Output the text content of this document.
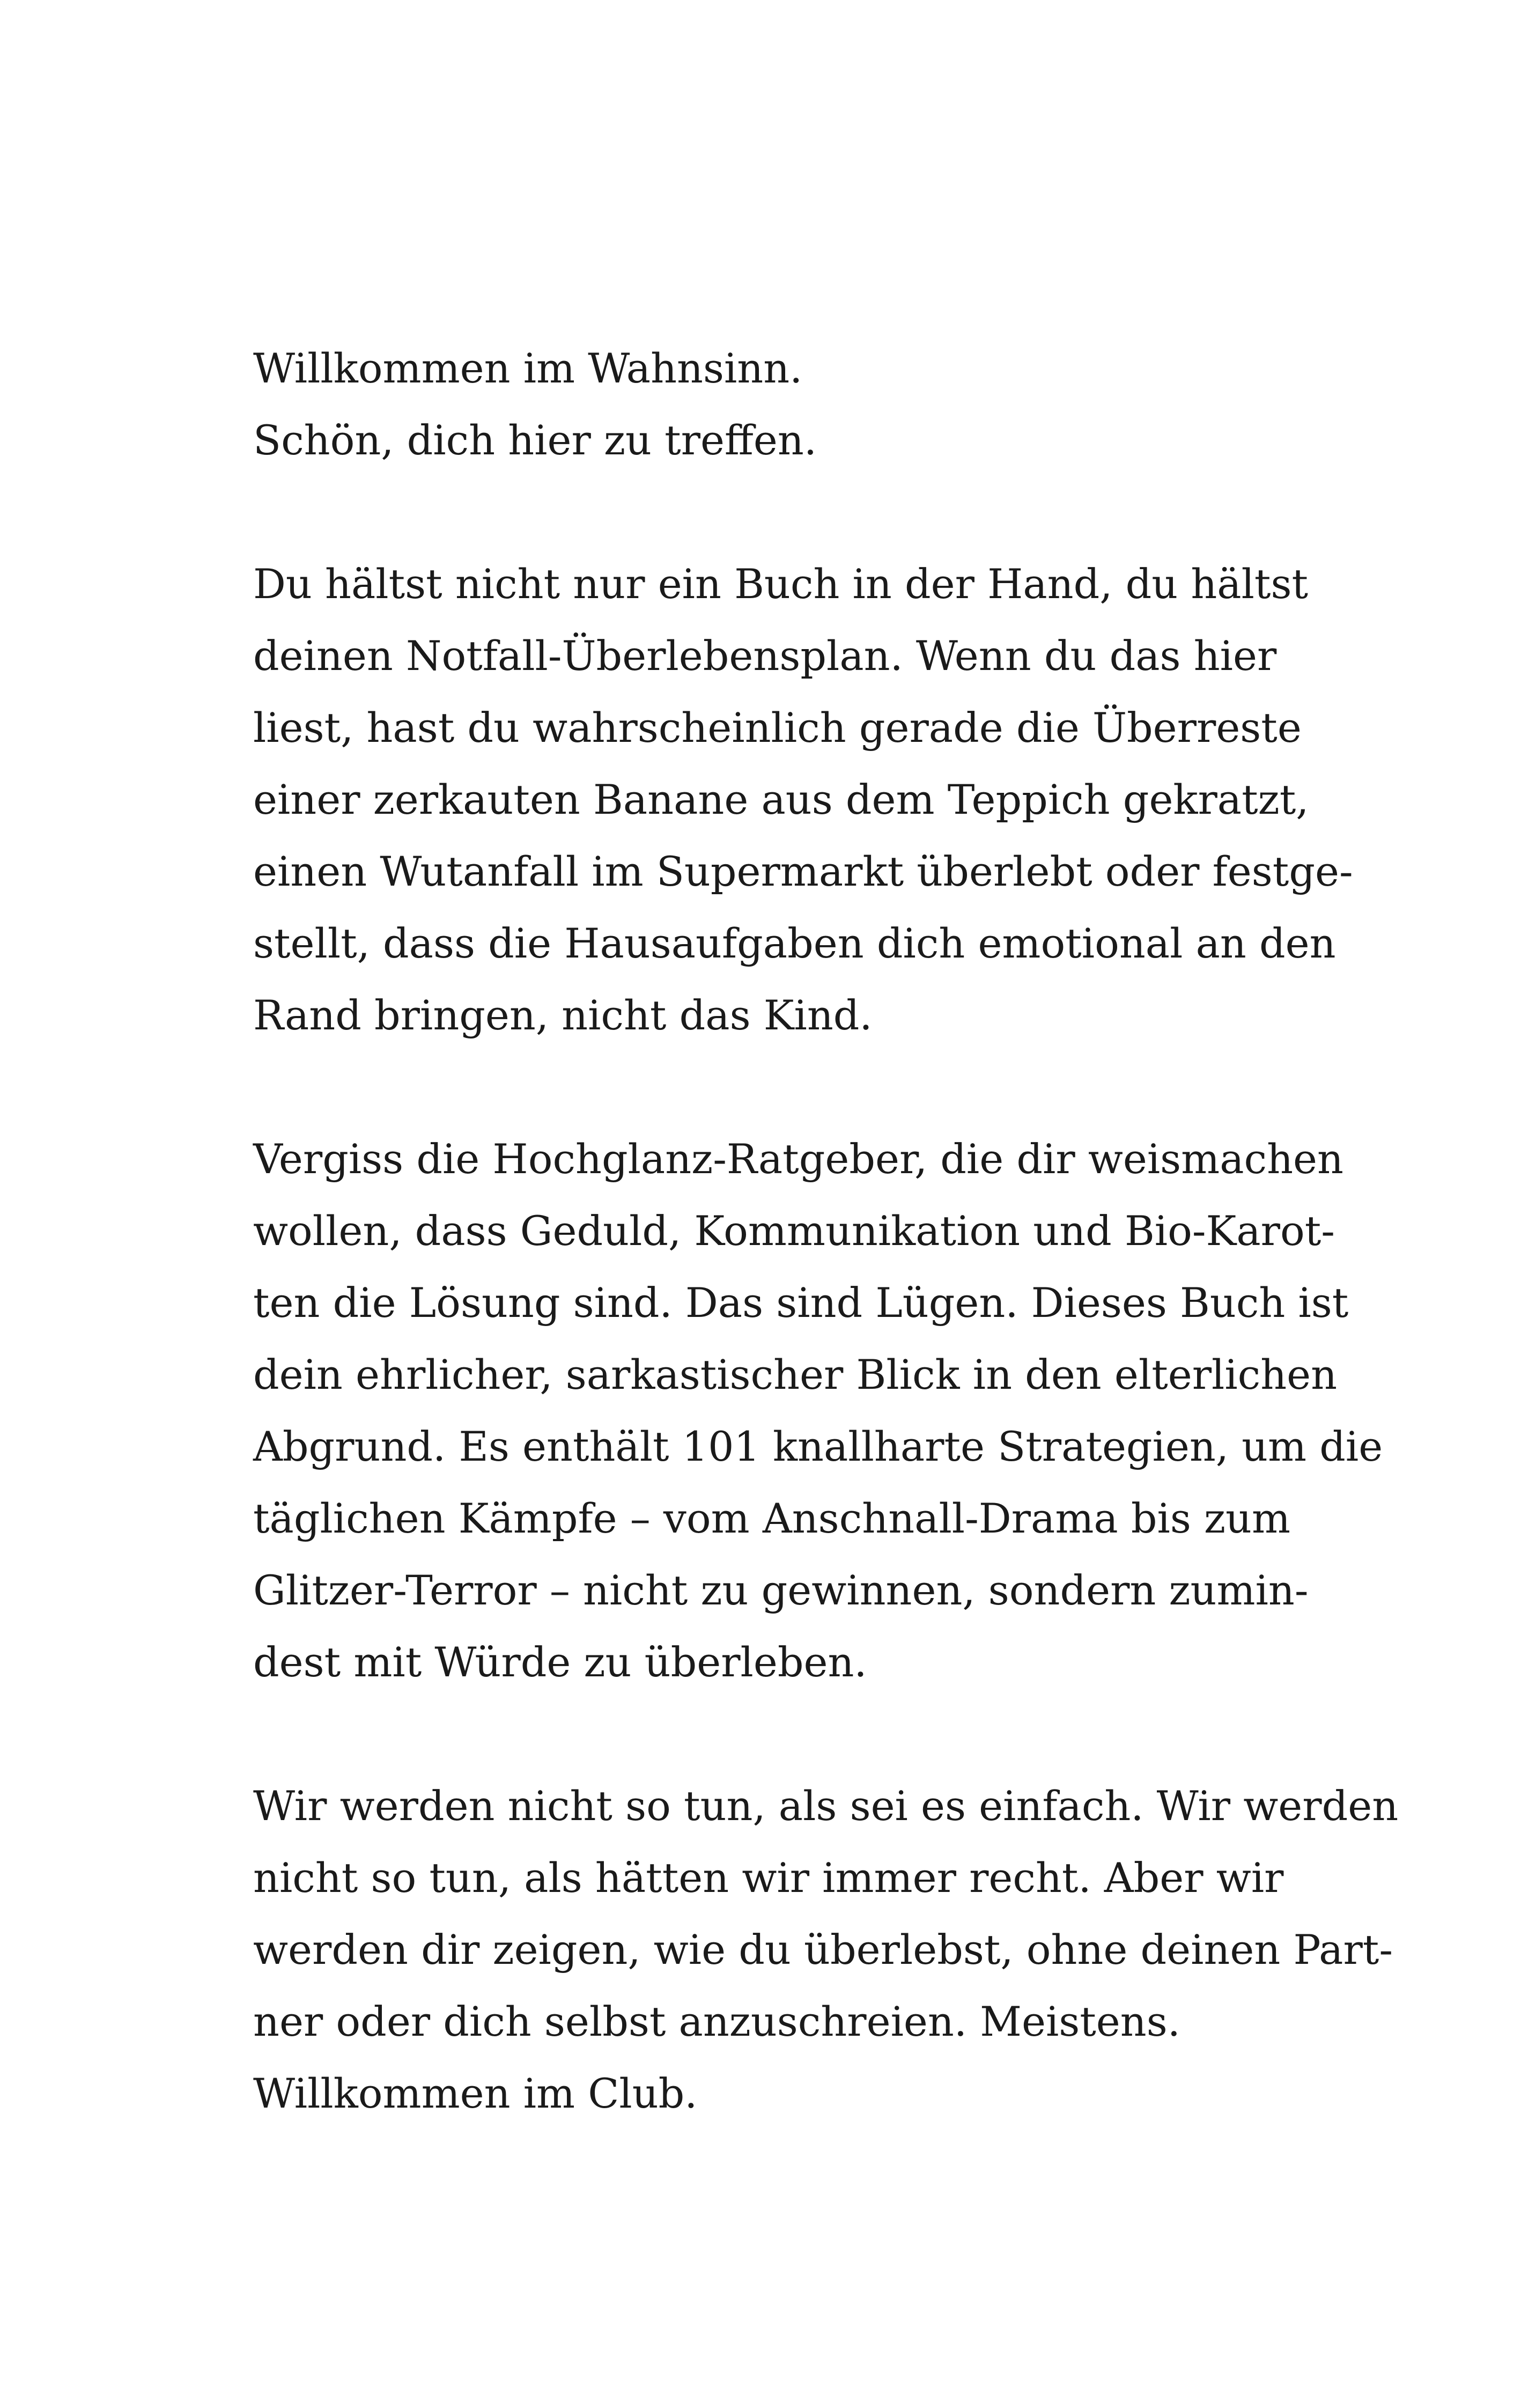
Willkommen im Wahnsinn.
Schön, dich hier zu treffen.
Du hältst nicht nur ein Buch in der Hand, du hältst
deinen Notfall-Überlebensplan. Wenn du das hier
liest, hast du wahrscheinlich gerade die Überreste
einer zerkauten Banane aus dem Teppich gekratzt,
einen Wutanfall im Supermarkt überlebt oder festge-
stellt, dass die Hausaufgaben dich emotional an den
Rand bringen, nicht das Kind.
Vergiss die Hochglanz-Ratgeber, die dir weismachen
wollen, dass Geduld, Kommunikation und Bio-Karot-
ten die Lösung sind. Das sind Lügen. Dieses Buch ist
dein ehrlicher, sarkastischer Blick in den elterlichen
Abgrund. Es enthält 101 knallharte Strategien, um die
täglichen Kämpfe – vom Anschnall-Drama bis zum
Glitzer-Terror – nicht zu gewinnen, sondern zumin-
dest mit Würde zu überleben.
Wir werden nicht so tun, als sei es einfach. Wir werden
nicht so tun, als hätten wir immer recht. Aber wir
werden dir zeigen, wie du überlebst, ohne deinen Part-
ner oder dich selbst anzuschreien. Meistens.
Willkommen im Club.
